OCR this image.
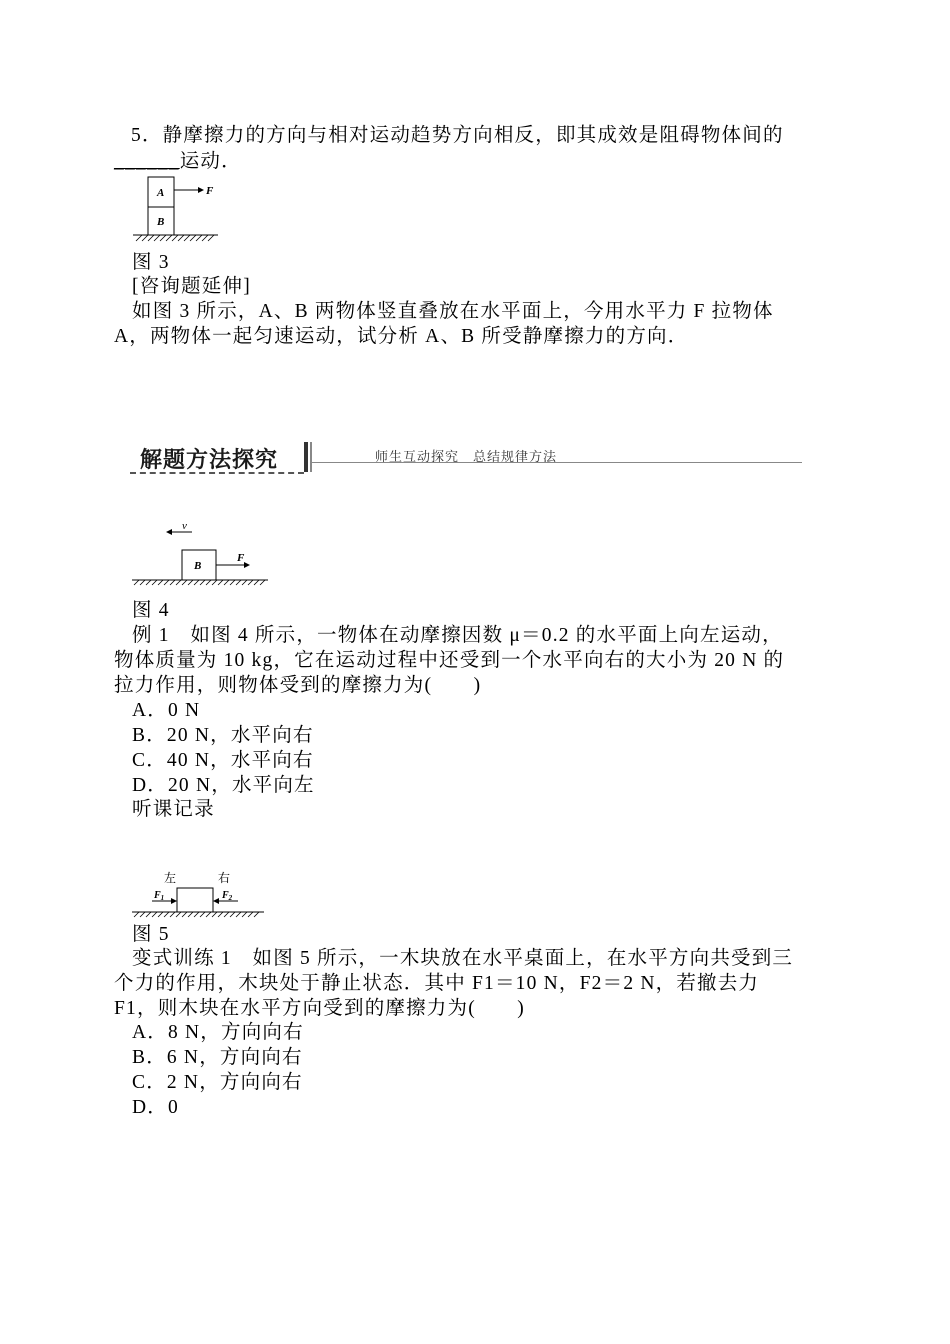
5．静摩擦力的方向与相对运动趋势方向相反，即其成效是阻碍物体间的
______运动．
A
B
F
图 3
[咨询题延伸]
如图 3 所示，A、B 两物体竖直叠放在水平面上，今用水平力 F 拉物体
A，两物体一起匀速运动，试分析 A、B 所受静摩擦力的方向．
解题方法探究	师生互动探究　总结规律方法
v
B
F
图 4
例 1　如图 4 所示，一物体在动摩擦因数 μ＝0.2 的水平面上向左运动，
物体质量为 10 kg，它在运动过程中还受到一个水平向右的大小为 20 N 的
拉力作用，则物体受到的摩擦力为(　　)
A．0 N
B．20 N，水平向右
C．40 N，水平向右
D．20 N，水平向左
听课记录
左	右
$F_1$	$F_2$
图 5
变式训练 1　如图 5 所示，一木块放在水平桌面上，在水平方向共受到三
个力的作用，木块处于静止状态．其中 F1＝10 N，F2＝2 N，若撤去力
F1，则木块在水平方向受到的摩擦力为(　　)
A．8 N，方向向右
B．6 N，方向向右
C．2 N，方向向右
D．0
